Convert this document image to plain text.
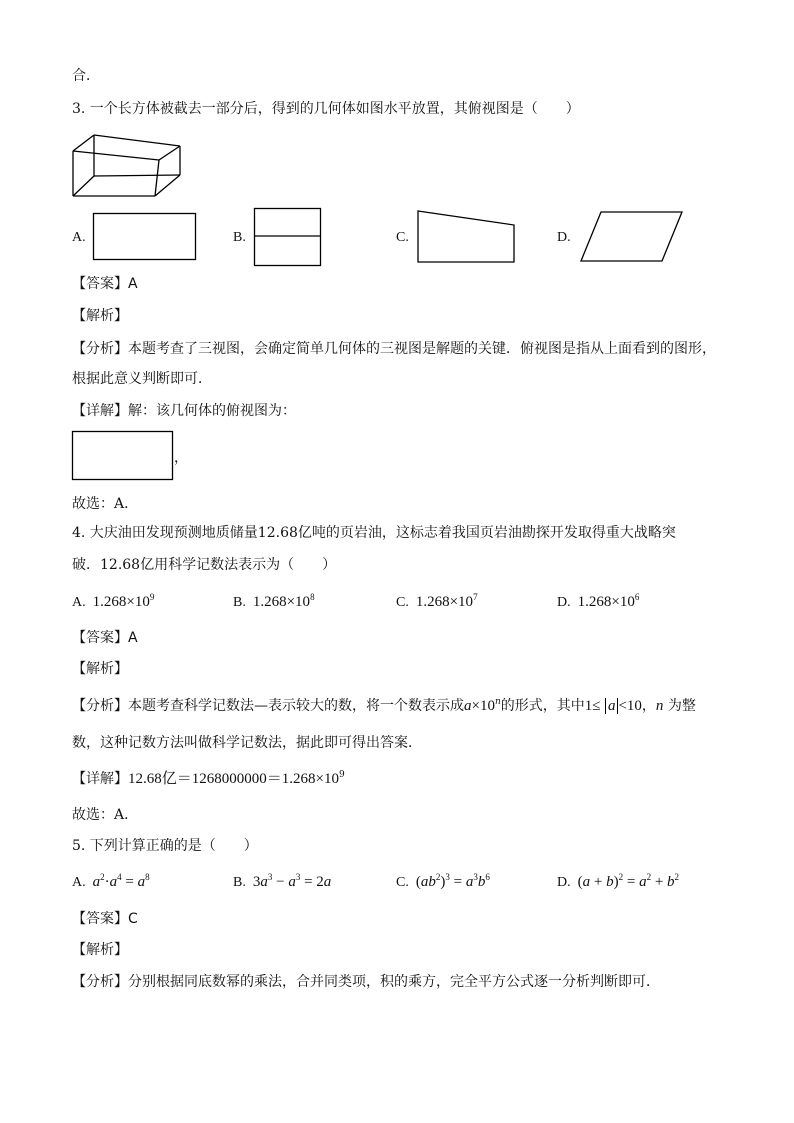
合．
3. 一个长方体被截去一部分后，得到的几何体如图水平放置，其俯视图是（　　）
A.	B.	C.	D.
【答案】A
【解析】
【分析】本题考查了三视图，会确定简单几何体的三视图是解题的关键．俯视图是指从上面看到的图形，
根据此意义判断即可．
【详解】解：该几何体的俯视图为：
，
故选：A．
4. 大庆油田发现预测地质储量12.68亿吨的页岩油，这标志着我国页岩油勘探开发取得重大战略突
破．12.68亿用科学记数法表示为（　　）
A. $1.268\times 10^9$	B. $1.268\times 10^8$	C. $1.268\times 10^7$	D. $1.268\times 10^6$
【答案】A
【解析】
【分析】本题考查科学记数法—表示较大的数，将一个数表示成$a\times 10^n$的形式，其中1≤ a <10，n 为整
数，这种记数方法叫做科学记数法，据此即可得出答案．
【详解】12.68亿$=1268000000=1.268\times 10^9$
故选：A．
5. 下列计算正确的是（　　）
A. $a^2\cdot a^4 = a^8$	B. $3a^3 - a^3 = 2a$	C. $(ab^2)^3 = a^3b^6$	D. $(a + b)^2 = a^2 + b^2$
【答案】C
【解析】
【分析】分别根据同底数幂的乘法，合并同类项，积的乘方，完全平方公式逐一分析判断即可．
